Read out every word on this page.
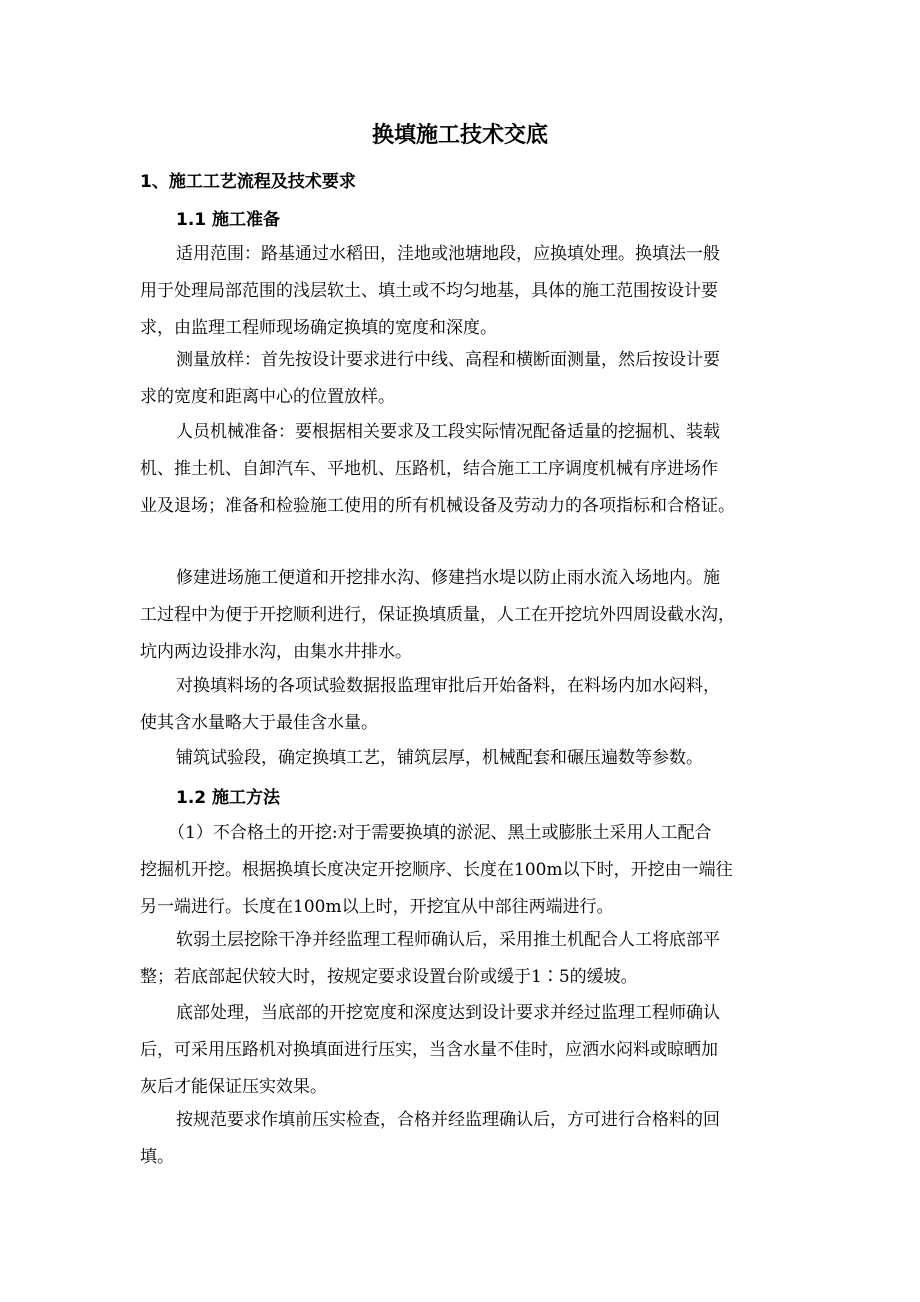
换填施工技术交底
1、施工工艺流程及技术要求
1.1 施工准备
适用范围：路基通过水稻田，洼地或池塘地段，应换填处理。换填法一般
用于处理局部范围的浅层软土、填土或不均匀地基，具体的施工范围按设计要
求，由监理工程师现场确定换填的宽度和深度。
测量放样：首先按设计要求进行中线、高程和横断面测量，然后按设计要
求的宽度和距离中心的位置放样。
人员机械准备：要根据相关要求及工段实际情况配备适量的挖掘机、装载
机、推土机、自卸汽车、平地机、压路机，结合施工工序调度机械有序进场作
业及退场；准备和检验施工使用的所有机械设备及劳动力的各项指标和合格证。
修建进场施工便道和开挖排水沟、修建挡水堤以防止雨水流入场地内。施
工过程中为便于开挖顺利进行，保证换填质量，人工在开挖坑外四周设截水沟，
坑内两边设排水沟，由集水井排水。
对换填料场的各项试验数据报监理审批后开始备料，在料场内加水闷料，
使其含水量略大于最佳含水量。
铺筑试验段，确定换填工艺，铺筑层厚，机械配套和碾压遍数等参数。
1.2 施工方法
（1）不合格土的开挖:对于需要换填的淤泥、黑土或膨胀土采用人工配合
挖掘机开挖。根据换填长度决定开挖顺序、长度在100m以下时，开挖由一端往
另一端进行。长度在100m以上时，开挖宜从中部往两端进行。
软弱土层挖除干净并经监理工程师确认后，采用推土机配合人工将底部平
整；若底部起伏较大时，按规定要求设置台阶或缓于1∶5的缓坡。
底部处理，当底部的开挖宽度和深度达到设计要求并经过监理工程师确认
后，可采用压路机对换填面进行压实，当含水量不佳时，应洒水闷料或晾晒加
灰后才能保证压实效果。
按规范要求作填前压实检查，合格并经监理确认后，方可进行合格料的回
填。
